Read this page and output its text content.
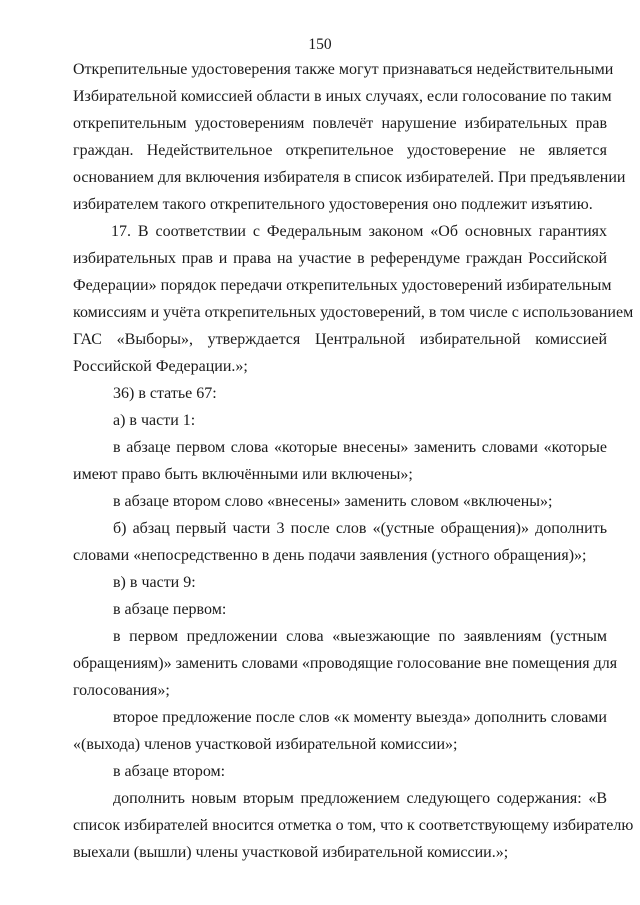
150
Открепительные удостоверения также могут признаваться недействительными
Избирательной комиссией области в иных случаях, если голосование по таким
открепительным удостоверениям повлечёт нарушение избирательных прав
граждан. Недействительное открепительное удостоверение не является
основанием для включения избирателя в список избирателей. При предъявлении
избирателем такого открепительного удостоверения оно подлежит изъятию.
17. В соответствии с Федеральным законом «Об основных гарантиях
избирательных прав и права на участие в референдуме граждан Российской
Федерации» порядок передачи открепительных удостоверений избирательным
комиссиям и учёта открепительных удостоверений, в том числе с использованием
ГАС «Выборы», утверждается Центральной избирательной комиссией
Российской Федерации.»;
36) в статье 67:
а) в части 1:
в абзаце первом слова «которые внесены» заменить словами «которые
имеют право быть включёнными или включены»;
в абзаце втором слово «внесены» заменить словом «включены»;
б) абзац первый части 3 после слов «(устные обращения)» дополнить
словами «непосредственно в день подачи заявления (устного обращения)»;
в) в части 9:
в абзаце первом:
в первом предложении слова «выезжающие по заявлениям (устным
обращениям)» заменить словами «проводящие голосование вне помещения для
голосования»;
второе предложение после слов «к моменту выезда» дополнить словами
«(выхода) членов участковой избирательной комиссии»;
в абзаце втором:
дополнить новым вторым предложением следующего содержания: «В
список избирателей вносится отметка о том, что к соответствующему избирателю
выехали (вышли) члены участковой избирательной комиссии.»;
